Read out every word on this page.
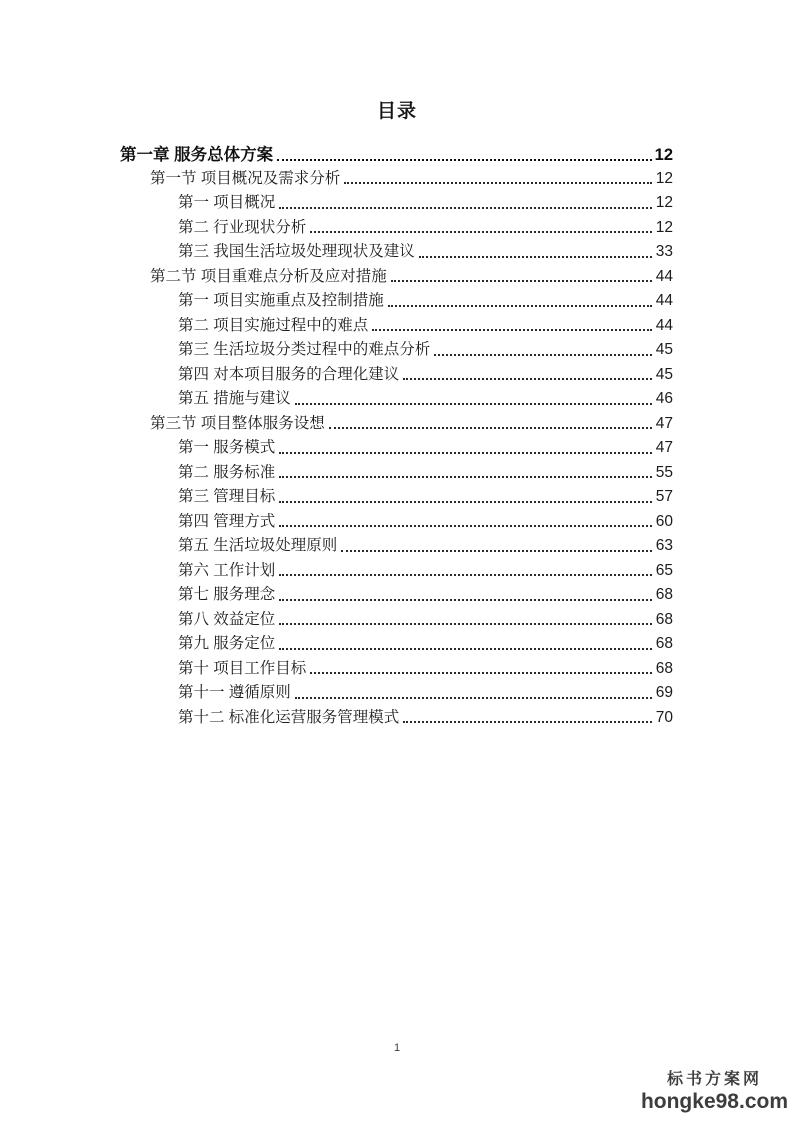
目录
第一章 服务总体方案	12
第一节 项目概况及需求分析	12
第一 项目概况	12
第二 行业现状分析	12
第三 我国生活垃圾处理现状及建议	33
第二节 项目重难点分析及应对措施	44
第一 项目实施重点及控制措施	44
第二 项目实施过程中的难点	44
第三 生活垃圾分类过程中的难点分析	45
第四 对本项目服务的合理化建议	45
第五 措施与建议	46
第三节 项目整体服务设想	47
第一 服务模式	47
第二 服务标准	55
第三 管理目标	57
第四 管理方式	60
第五 生活垃圾处理原则	63
第六 工作计划	65
第七 服务理念	68
第八 效益定位	68
第九 服务定位	68
第十 项目工作目标	68
第十一 遵循原则	69
第十二 标准化运营服务管理模式	70
1
标书方案网
hongke98.com
